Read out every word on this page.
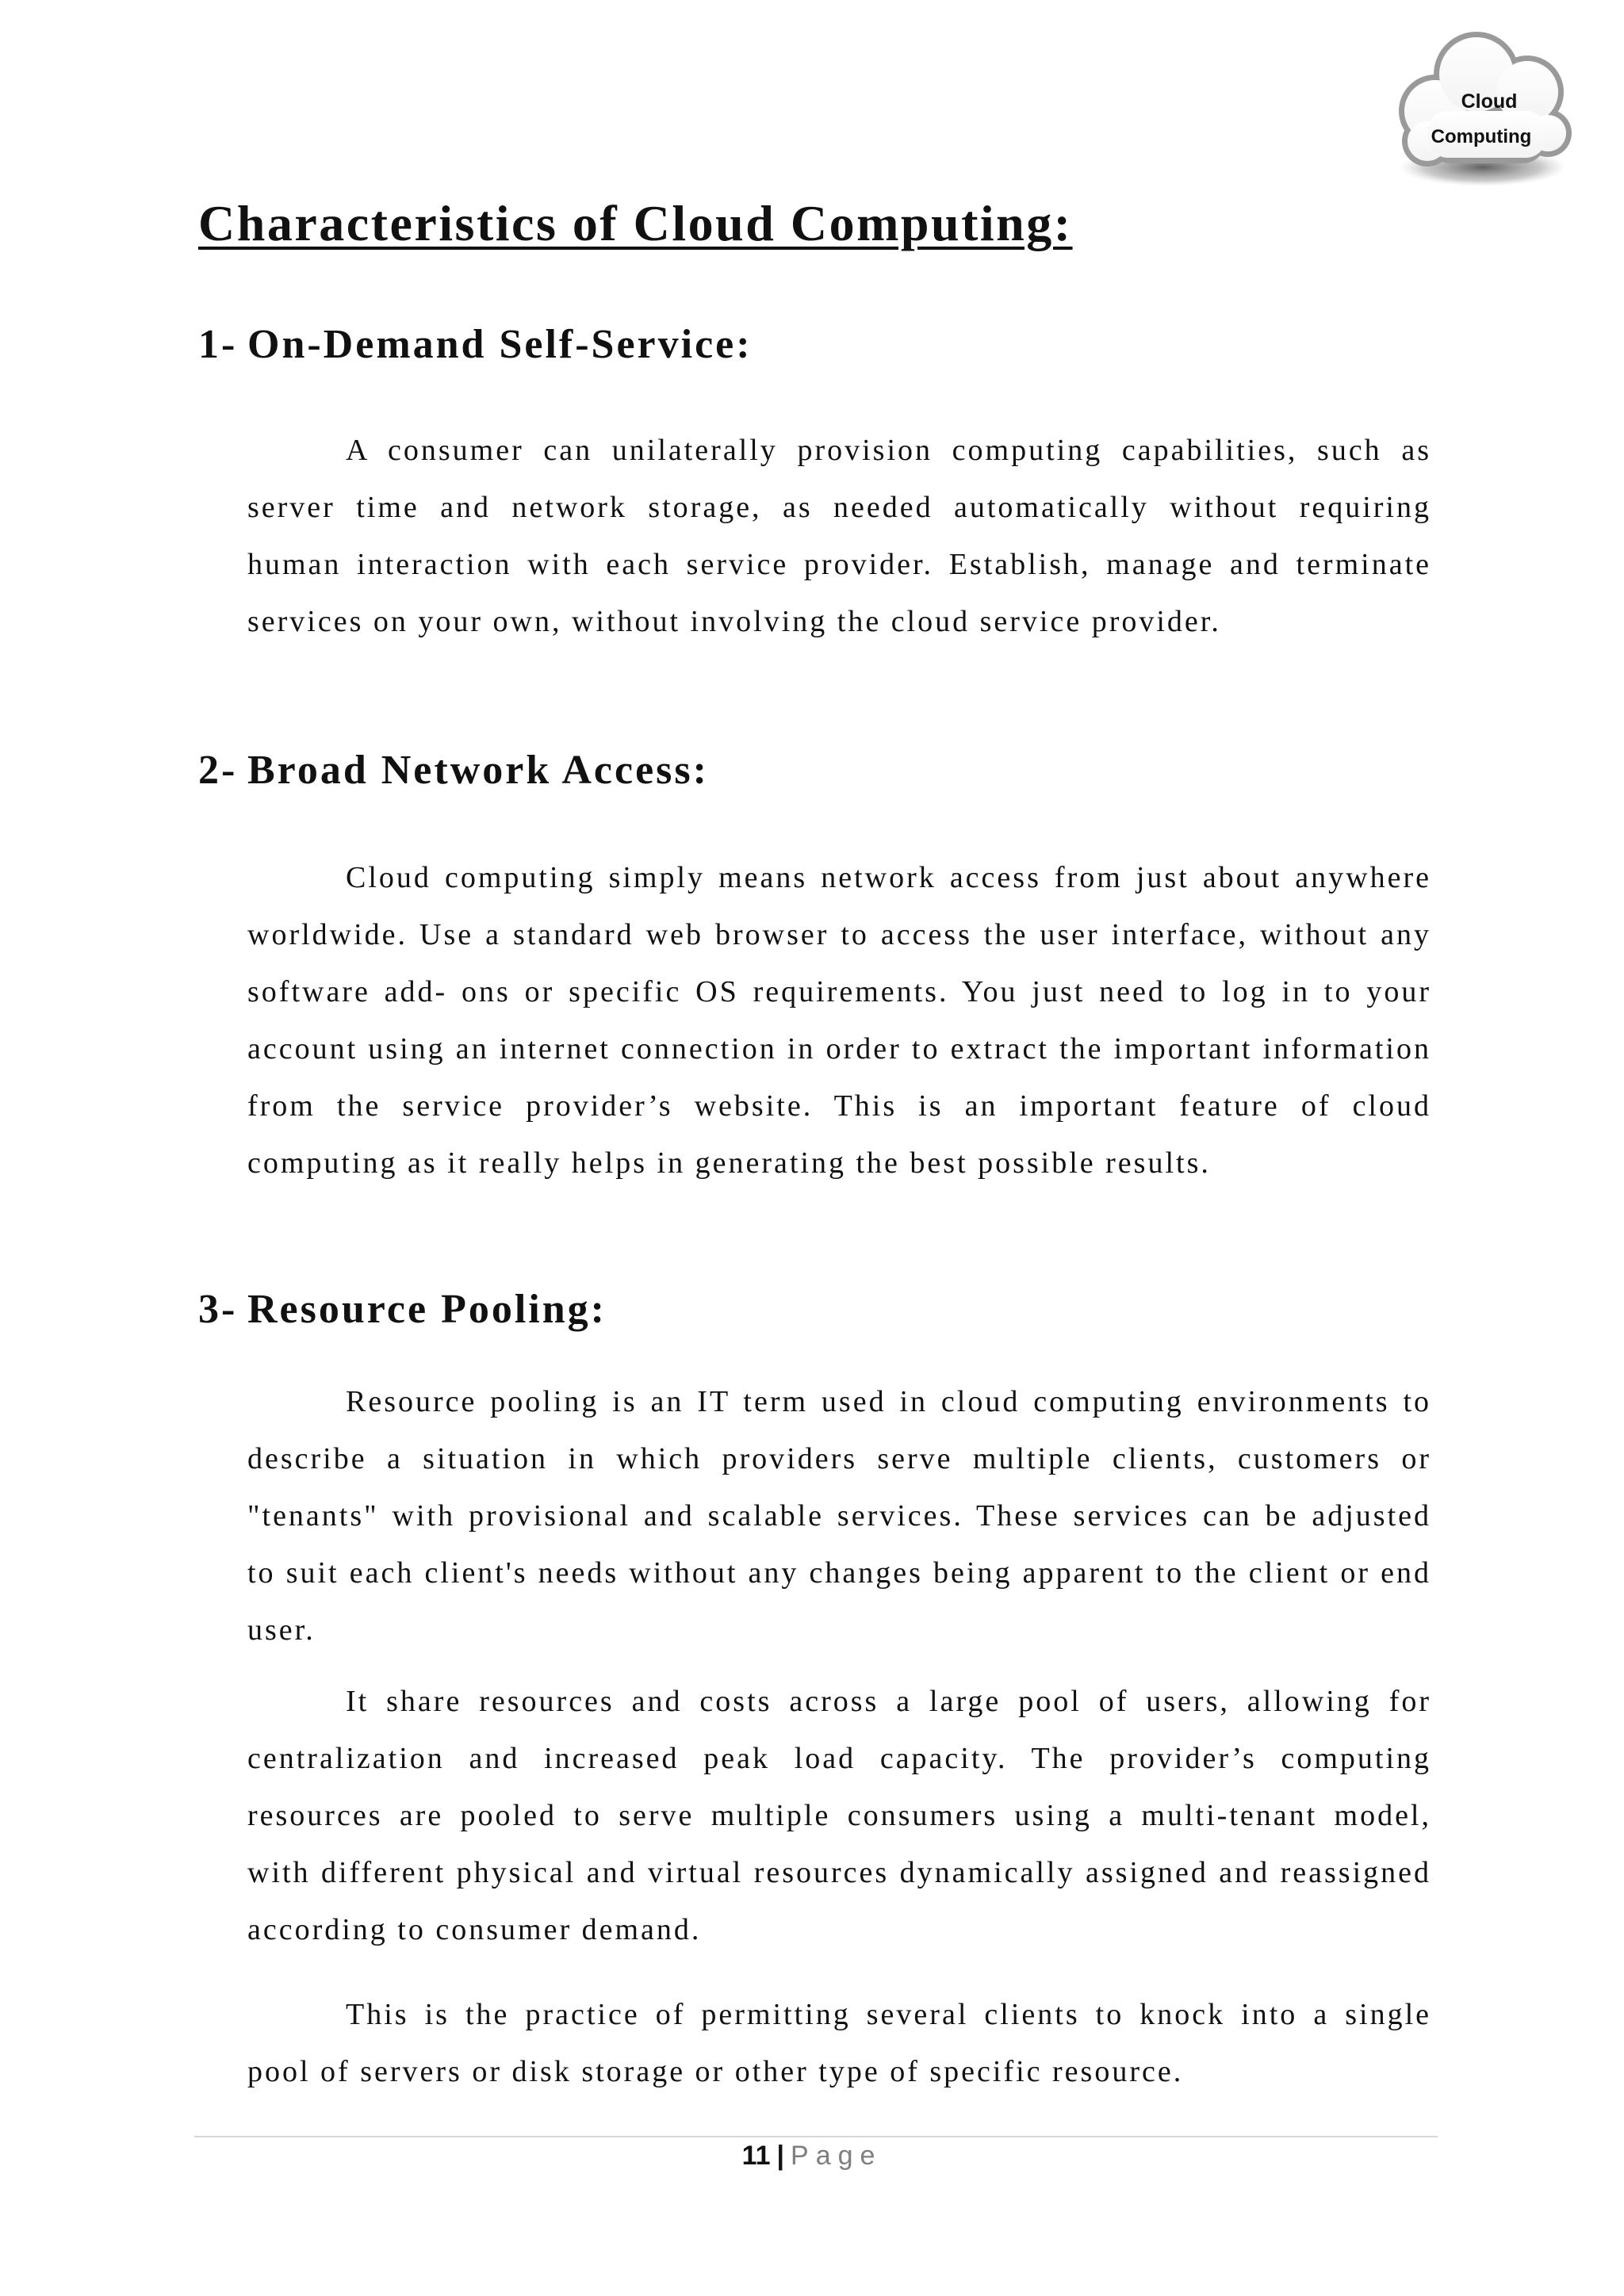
Cloud
Computing
Characteristics of Cloud Computing:
1- On-Demand Self-Service:

A consumer can unilaterally provision computing capabilities, such as server time and network storage, as needed automatically without requiring human interaction with each service provider. Establish, manage and terminate services on your own, without involving the cloud service provider.

2- Broad Network Access:

Cloud computing simply means network access from just about anywhere worldwide. Use a standard web browser to access the user interface, without any software add- ons or specific OS requirements. You just need to log in to your account using an internet connection in order to extract the important information from the service provider’s website. This is an important feature of cloud computing as it really helps in generating the best possible results.

3- Resource Pooling:

Resource pooling is an IT term used in cloud computing environments to describe a situation in which providers serve multiple clients, customers or "tenants" with provisional and scalable services. These services can be adjusted to suit each client's needs without any changes being apparent to the client or end user.

It share resources and costs across a large pool of users, allowing for centralization and increased peak load capacity. The provider’s computing resources are pooled to serve multiple consumers using a multi-tenant model, with different physical and virtual resources dynamically assigned and reassigned according to consumer demand.

This is the practice of permitting several clients to knock into a single pool of servers or disk storage or other type of specific resource.

11 | Page
